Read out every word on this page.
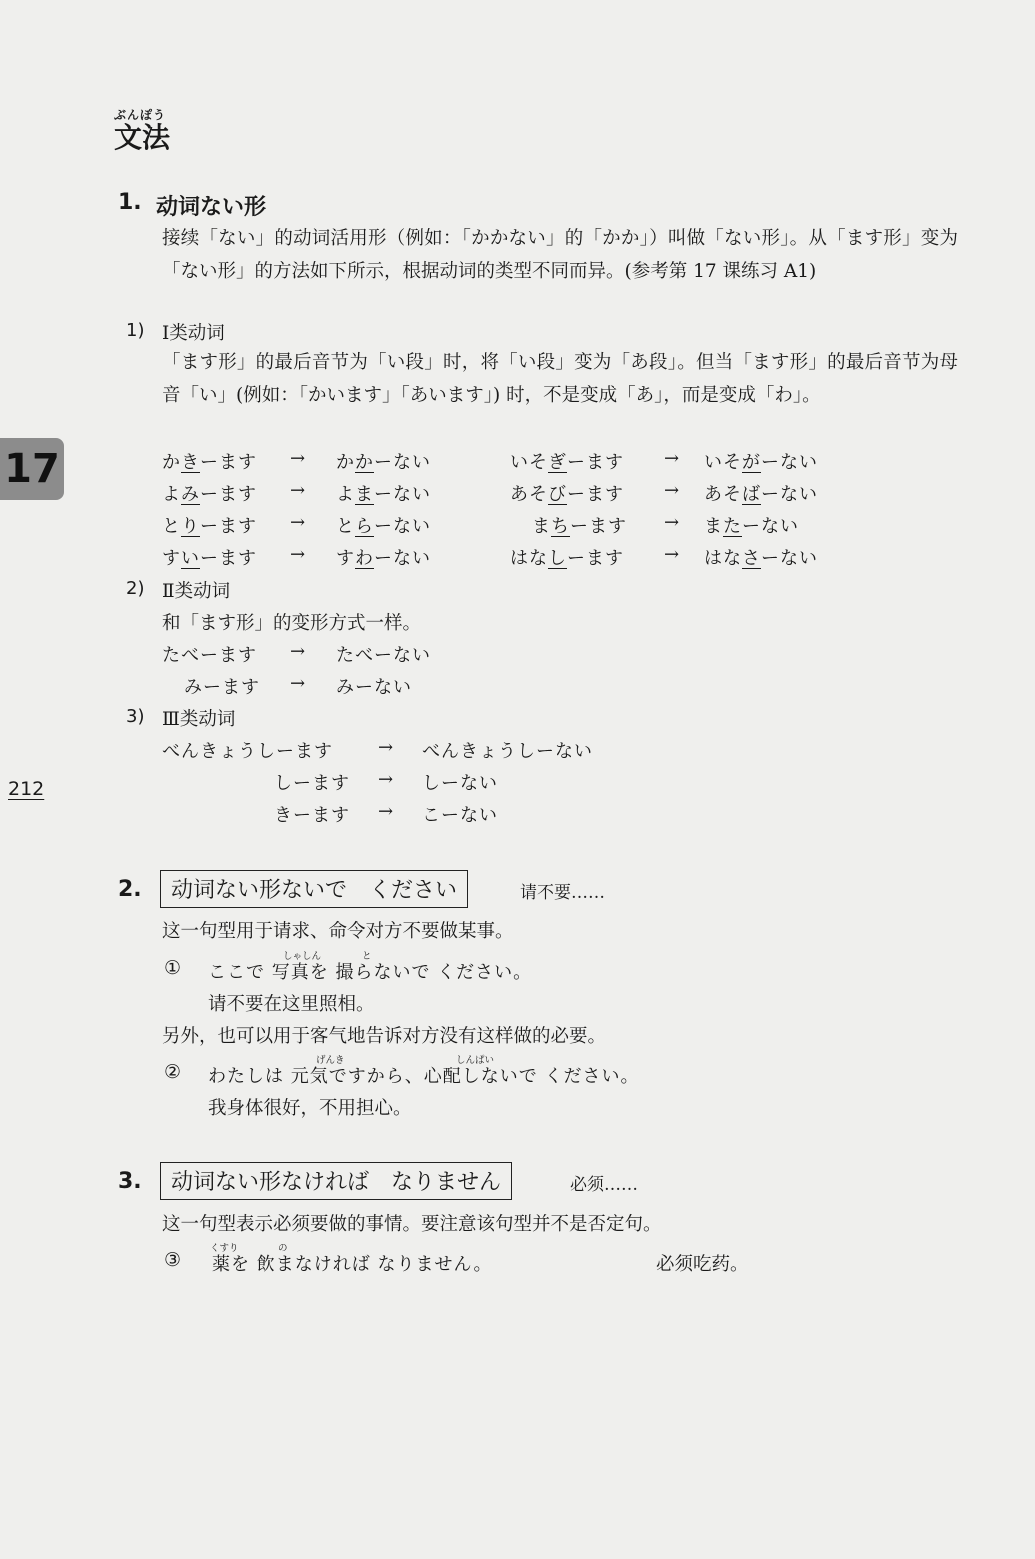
ぶんぽう
文法
17
212
1. 动词ない形
接续「ない」的动词活用形（例如：「かかない」的「かか」）叫做「ない形」。从「ます形」变为「ない形」的方法如下所示，根据动词的类型不同而异。(参考第 17 课练习 A1)
1) Ⅰ类动词
「ます形」的最后音节为「い段」时，将「い段」变为「あ段」。但当「ます形」的最后音节为母音「い」(例如：「かいます」「あいます」) 时，不是变成「あ」，而是变成「わ」。
かきーます → かかーない	いそぎーます → いそがーない
よみーます → よまーない	あそびーます → あそばーない
とりーます → とらーない	まちーます → またーない
すいーます → すわーない	はなしーます → はなさーない
2) Ⅱ类动词
和「ます形」的变形方式一样。
たべーます → たべーない
みーます → みーない
3) Ⅲ类动词
べんきょうしーます	→ べんきょうしーない
しーます → しーない
きーます → こーない
2.	动词ない形ないで　ください	请不要……
这一句型用于请求、命令对方不要做某事。
①
しゃしん	と
ここで 写真を 撮らないで ください。
请不要在这里照相。
另外，也可以用于客气地告诉对方没有这样做的必要。
②
げんき	しんぱい
わたしは 元気ですから、心配しないで ください。
我身体很好，不用担心。
3.	动词ない形なければ　なりません	必须……
这一句型表示必须要做的事情。要注意该句型并不是否定句。
③
くすり	の
薬を 飲まなければ なりません。	必须吃药。
